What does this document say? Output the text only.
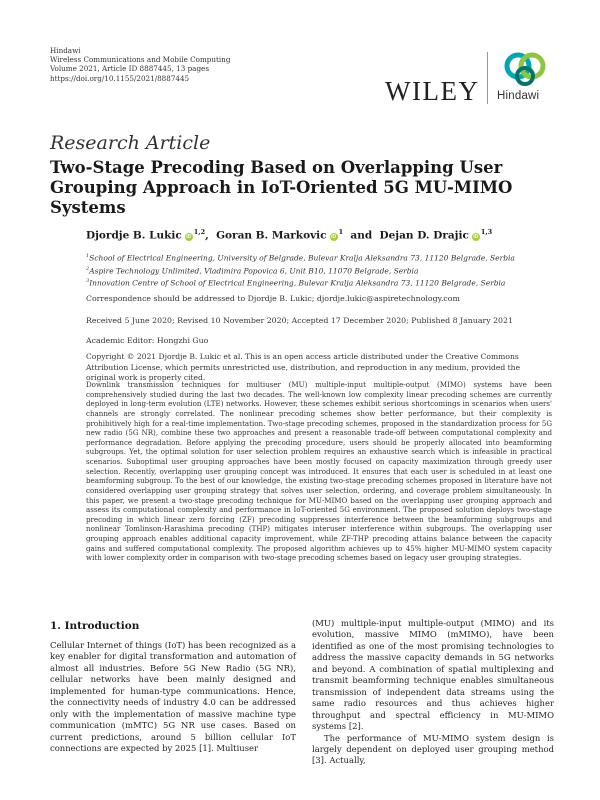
Hindawi
Wireless Communications and Mobile Computing
Volume 2021, Article ID 8887445, 13 pages
https://doi.org/10.1155/2021/8887445	WILEY Hindawi
Research Article
Two-Stage Precoding Based on Overlapping User Grouping Approach in IoT-Oriented 5G MU-MIMO Systems
Djordje B. Lukic iD$^{1,2}$,  Goran B. Markovic $iD^1$ and Dejan D. Drajic iD$^{1,3}$
$^1$School of Electrical Engineering, University of Belgrade, Bulevar Kralja Aleksandra 73, 11120 Belgrade, Serbia
$^2$Aspire Technology Unlimited, Vladimira Popovica 6, Unit B10, 11070 Belgrade, Serbia
$^3$Innovation Centre of School of Electrical Engineering, Bulevar Kralja Aleksandra 73, 11120 Belgrade, Serbia
Correspondence should be addressed to Djordje B. Lukic; djordje.lukic@aspiretechnology.com
Received 5 June 2020; Revised 10 November 2020; Accepted 17 December 2020; Published 8 January 2021
Academic Editor: Hongzhi Guo
Copyright © 2021 Djordje B. Lukic et al. This is an open access article distributed under the Creative Commons Attribution License, which permits unrestricted use, distribution, and reproduction in any medium, provided the original work is properly cited.
Downlink transmission techniques for multiuser (MU) multiple-input multiple-output (MIMO) systems have been comprehensively studied during the last two decades. The well-known low complexity linear precoding schemes are currently deployed in long-term evolution (LTE) networks. However, these schemes exhibit serious shortcomings in scenarios when users' channels are strongly correlated. The nonlinear precoding schemes show better performance, but their complexity is prohibitively high for a real-time implementation. Two-stage precoding schemes, proposed in the standardization process for 5G new radio (5G NR), combine these two approaches and present a reasonable trade-off between computational complexity and performance degradation. Before applying the precoding procedure, users should be properly allocated into beamforming subgroups. Yet, the optimal solution for user selection problem requires an exhaustive search which is infeasible in practical scenarios. Suboptimal user grouping approaches have been mostly focused on capacity maximization through greedy user selection. Recently, overlapping user grouping concept was introduced. It ensures that each user is scheduled in at least one beamforming subgroup. To the best of our knowledge, the existing two-stage precoding schemes proposed in literature have not considered overlapping user grouping strategy that solves user selection, ordering, and coverage problem simultaneously. In this paper, we present a two-stage precoding technique for MU-MIMO based on the overlapping user grouping approach and assess its computational complexity and performance in IoT-oriented 5G environment. The proposed solution deploys two-stage precoding in which linear zero forcing (ZF) precoding suppresses interference between the beamforming subgroups and nonlinear Tomlinson-Harashima precoding (THP) mitigates interuser interference within subgroups. The overlapping user grouping approach enables additional capacity improvement, while ZF-THP precoding attains balance between the capacity gains and suffered computational complexity. The proposed algorithm achieves up to 45% higher MU-MIMO system capacity with lower complexity order in comparison with two-stage precoding schemes based on legacy user grouping strategies.
1. Introduction
Cellular Internet of things (IoT) has been recognized as a key enabler for digital transformation and automation of almost all industries. Before 5G New Radio (5G NR), cellular networks have been mainly designed and implemented for human-type communications. Hence, the connectivity needs of industry 4.0 can be addressed only with the implementation of massive machine type communication (mMTC) 5G NR use cases. Based on current predictions, around 5 billion cellular IoT connections are expected by 2025 [1]. Multiuser

(MU) multiple-input multiple-output (MIMO) and its evolution, massive MIMO (mMIMO), have been identified as one of the most promising technologies to address the massive capacity demands in 5G networks and beyond. A combination of spatial multiplexing and transmit beamforming technique enables simultaneous transmission of independent data streams using the same radio resources and thus achieves higher throughput and spectral efficiency in MU-MIMO systems [2].

The performance of MU-MIMO system design is largely dependent on deployed user grouping method [3]. Actually,
